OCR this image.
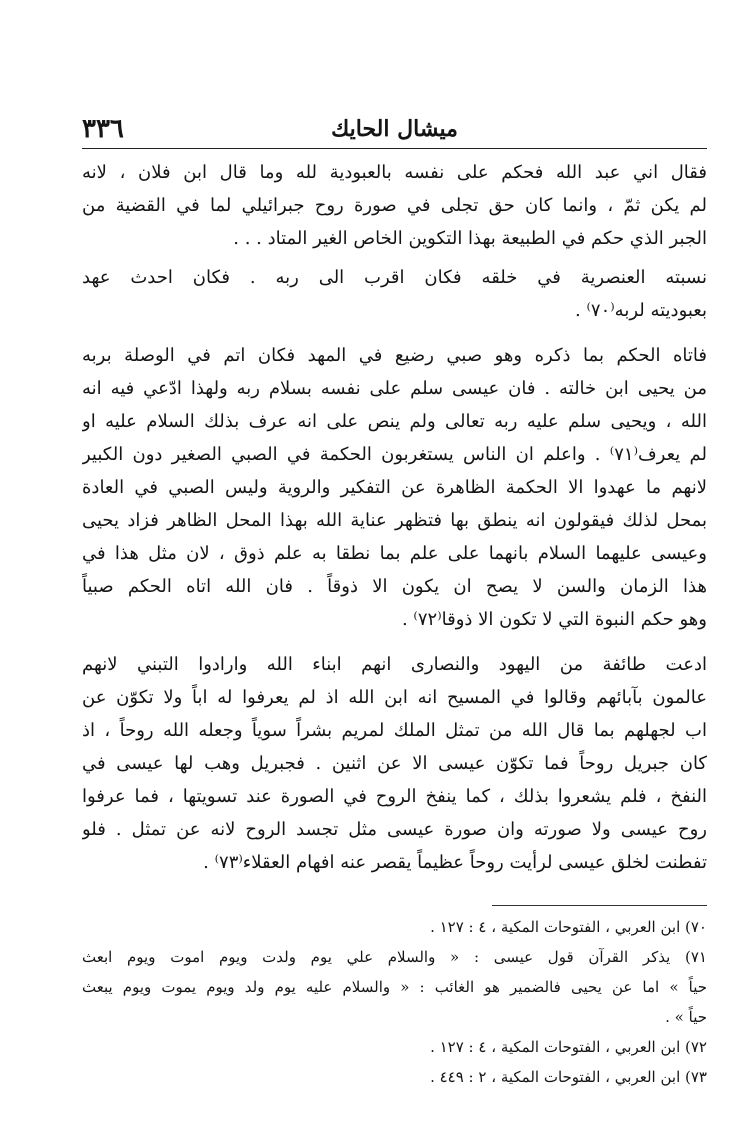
٣٣٦	ميشال الحايك
فقال اني عبد الله فحكم على نفسه بالعبودية لله وما قال ابن فلان ، لانه
لم يكن ثمّ ، وانما كان حق تجلى في صورة روح جبرائيلي لما في القضية من
الجبر الذي حكم في الطبيعة بهذا التكوين الخاص الغير المتاد . . .
نسبته العنصرية في خلقه فكان اقرب الى ربه . فكان احدث عهد
بعبوديته لربه⁽٧٠⁾ .
فاتاه الحكم بما ذكره وهو صبي رضيع في المهد فكان اتم في الوصلة بربه
من يحيى ابن خالته . فان عيسى سلم على نفسه بسلام ربه ولهذا ادّعي فيه انه
الله ، ويحيى سلم عليه ربه تعالى ولم ينص على انه عرف بذلك السلام عليه او
لم يعرف⁽٧١⁾ . واعلم ان الناس يستغربون الحكمة في الصبي الصغير دون الكبير
لانهم ما عهدوا الا الحكمة الظاهرة عن التفكير والروية وليس الصبي في العادة
بمحل لذلك فيقولون انه ينطق بها فتظهر عناية الله بهذا المحل الظاهر فزاد يحيى
وعيسى عليهما السلام بانهما على علم بما نطقا به علم ذوق ، لان مثل هذا في
هذا الزمان والسن لا يصح ان يكون الا ذوقاً . فان الله اتاه الحكم صبياً
وهو حكم النبوة التي لا تكون الا ذوقا⁽٧٢⁾ .
ادعت طائفة من اليهود والنصارى انهم ابناء الله وارادوا التبني لانهم
عالمون بآبائهم وقالوا في المسيح انه ابن الله اذ لم يعرفوا له اباً ولا تكوّن عن
اب لجهلهم بما قال الله من تمثل الملك لمريم بشراً سوياً وجعله الله روحاً ، اذ
كان جبريل روحاً فما تكوّن عيسى الا عن اثنين . فجبريل وهب لها عيسى في
النفخ ، فلم يشعروا بذلك ، كما ينفخ الروح في الصورة عند تسويتها ، فما عرفوا
روح عيسى ولا صورته وان صورة عيسى مثل تجسد الروح لانه عن تمثل . فلو
تفطنت لخلق عيسى لرأيت روحاً عظيماً يقصر عنه افهام العقلاء⁽٧٣⁾ .
٧٠) ابن العربي ، الفتوحات المكية ، ٤ : ١٢٧ .
٧١) يذكر القرآن قول عيسى : « والسلام علي يوم ولدت ويوم اموت ويوم ابعث
حياً » اما عن يحيى فالضمير هو الغائب : « والسلام عليه يوم ولد ويوم يموت ويوم يبعث
حياً » .
٧٢) ابن العربي ، الفتوحات المكية ، ٤ : ١٢٧ .
٧٣) ابن العربي ، الفتوحات المكية ، ٢ : ٤٤٩ .
